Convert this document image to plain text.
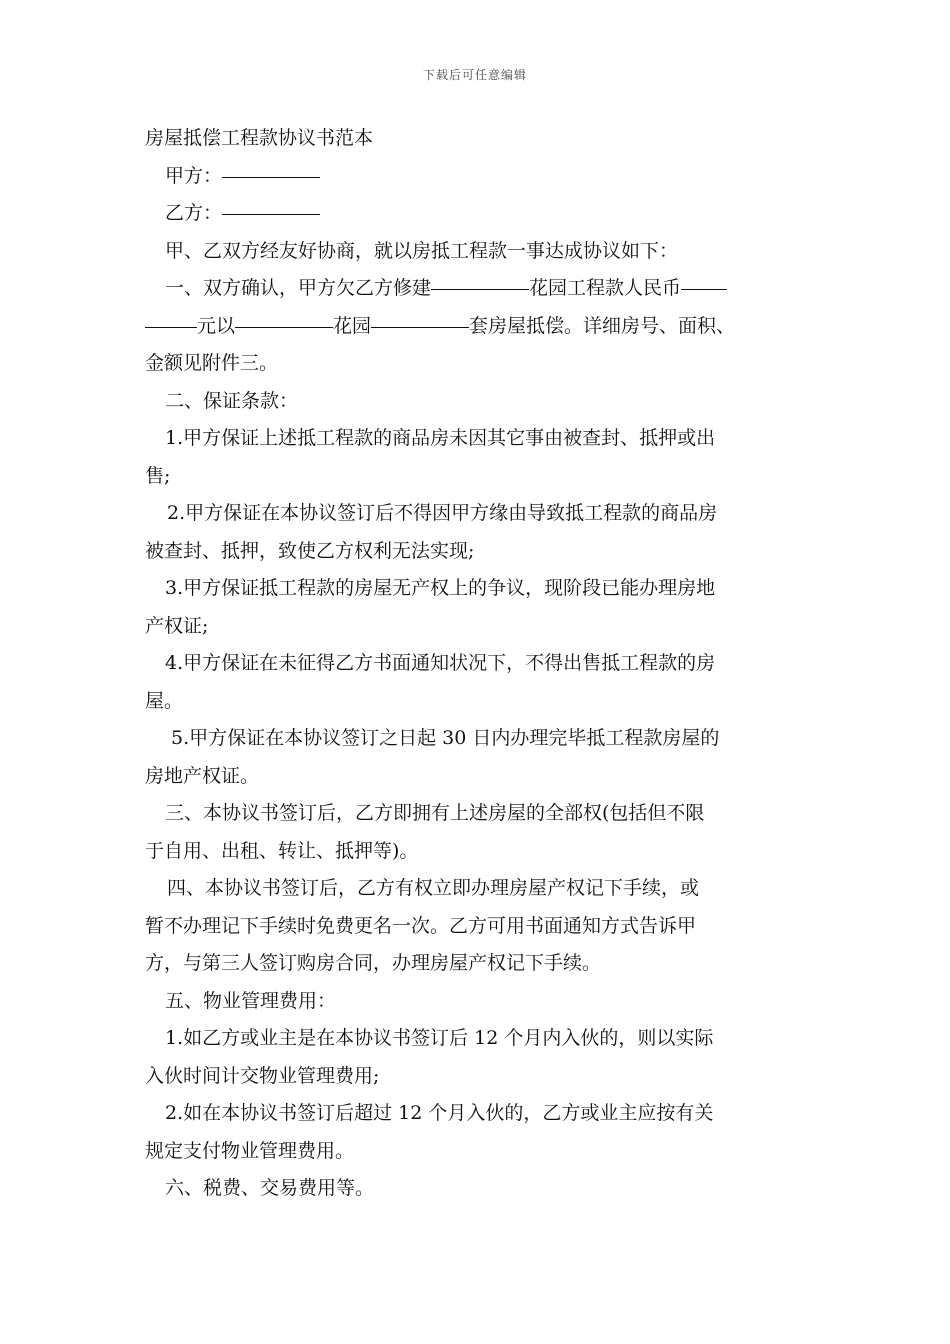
下载后可任意编辑
房屋抵偿工程款协议书范本
甲方：
乙方：
甲、乙双方经友好协商，就以房抵工程款一事达成协议如下：
一、双方确认，甲方欠乙方修建	花园工程款人民币
元以	花园	套房屋抵偿。详细房号、面积、
金额见附件三。
二、保证条款：
1.甲方保证上述抵工程款的商品房未因其它事由被查封、抵押或出
售;
2.甲方保证在本协议签订后不得因甲方缘由导致抵工程款的商品房
被查封、抵押，致使乙方权利无法实现;
3.甲方保证抵工程款的房屋无产权上的争议，现阶段已能办理房地
产权证;
4.甲方保证在未征得乙方书面通知状况下，不得出售抵工程款的房
屋。
5.甲方保证在本协议签订之日起 30 日内办理完毕抵工程款房屋的
房地产权证。
三、本协议书签订后，乙方即拥有上述房屋的全部权(包括但不限
于自用、出租、转让、抵押等)。
四、本协议书签订后，乙方有权立即办理房屋产权记下手续，或
暂不办理记下手续时免费更名一次。乙方可用书面通知方式告诉甲
方，与第三人签订购房合同，办理房屋产权记下手续。
五、物业管理费用：
1.如乙方或业主是在本协议书签订后 12 个月内入伙的，则以实际
入伙时间计交物业管理费用;
2.如在本协议书签订后超过 12 个月入伙的，乙方或业主应按有关
规定支付物业管理费用。
六、税费、交易费用等。
